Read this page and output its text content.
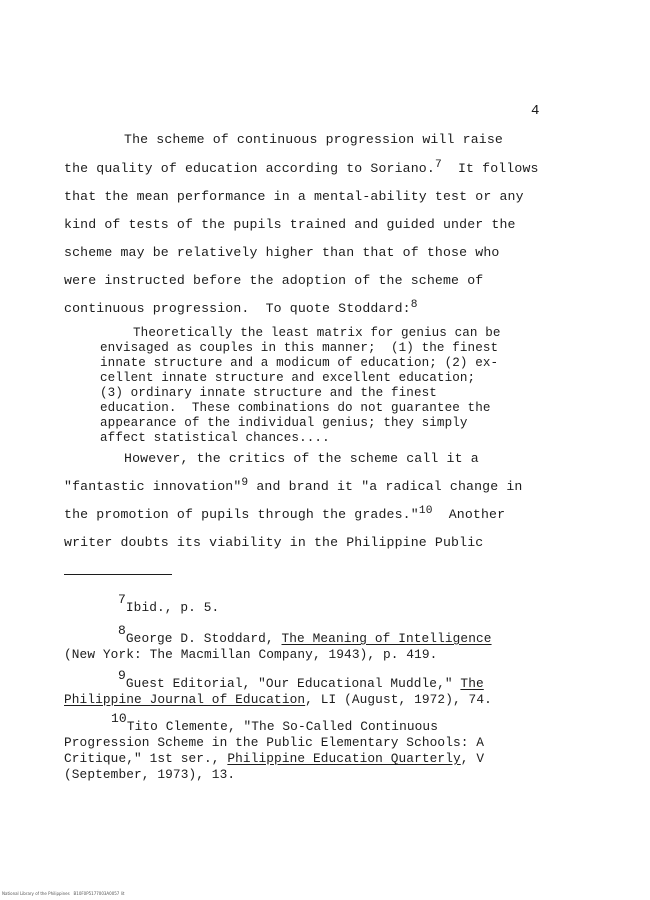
4
The scheme of continuous progression will raise
the quality of education according to Soriano.$^7$  It follows
that the mean performance in a mental-ability test or any
kind of tests of the pupils trained and guided under the
scheme may be relatively higher than that of those who
were instructed before the adoption of the scheme of
continuous progression.  To quote Stoddard:$^8$
Theoretically the least matrix for genius can be
envisaged as couples in this manner;  (1) the finest
innate structure and a modicum of education; (2) ex-
cellent innate structure and excellent education;
(3) ordinary innate structure and the finest
education.  These combinations do not guarantee the
appearance of the individual genius; they simply
affect statistical chances....
However, the critics of the scheme call it a
"fantastic innovation"$^9$ and brand it "a radical change in
the promotion of pupils through the grades."$^{10}$  Another
writer doubts its viability in the Philippine Public
7Ibid., p. 5.
8George D. Stoddard, The Meaning of Intelligence
(New York: The Macmillan Company, 1943), p. 419.
9Guest Editorial, "Our Educational Muddle," The
Philippine Journal of Education, LI (August, 1972), 74.
10Tito Clemente, "The So-Called Continuous
Progression Scheme in the Public Elementary Schools: A
Critique," 1st ser., Philippine Education Quarterly, V
(September, 1973), 13.
National Library of the Philippines   B10F0P5177003A0057 lit
